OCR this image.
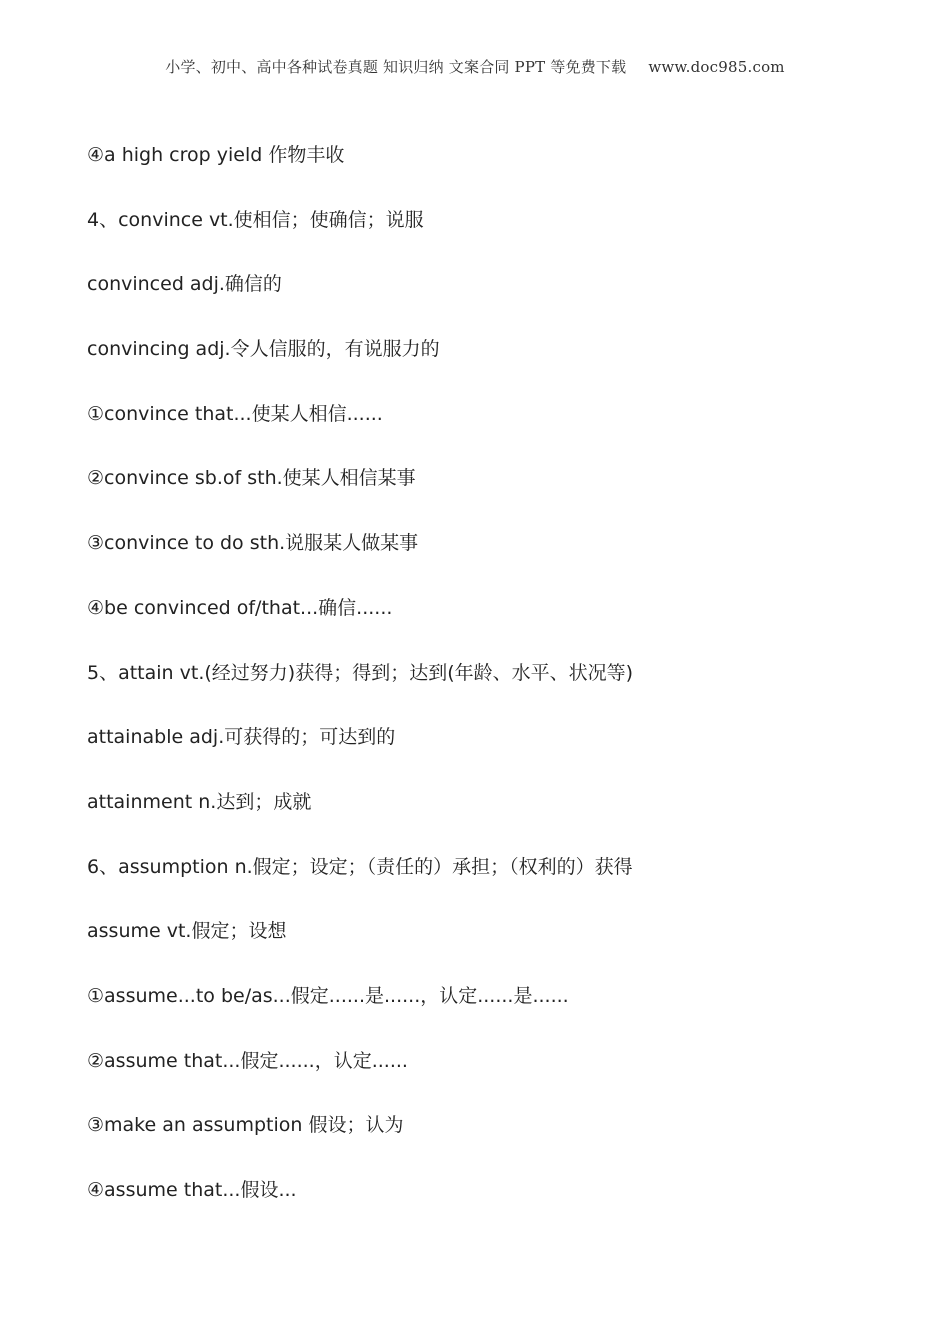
小学、初中、高中各种试卷真题 知识归纳 文案合同 PPT 等免费下载 www.doc985.com
④a high crop yield 作物丰收
4、convince vt.使相信；使确信；说服
convinced adj.确信的
convincing adj.令人信服的，有说服力的
①convince that...使某人相信......
②convince sb.of sth.使某人相信某事
③convince to do sth.说服某人做某事
④be convinced of/that...确信......
5、attain vt.(经过努力)获得；得到；达到(年龄、水平、状况等)
attainable adj.可获得的；可达到的
attainment n.达到；成就
6、assumption n.假定；设定；（责任的）承担；（权利的）获得
assume vt.假定；设想
①assume...to be/as...假定......是......，认定......是......
②assume that...假定......，认定......
③make an assumption 假设；认为
④assume that...假设...
